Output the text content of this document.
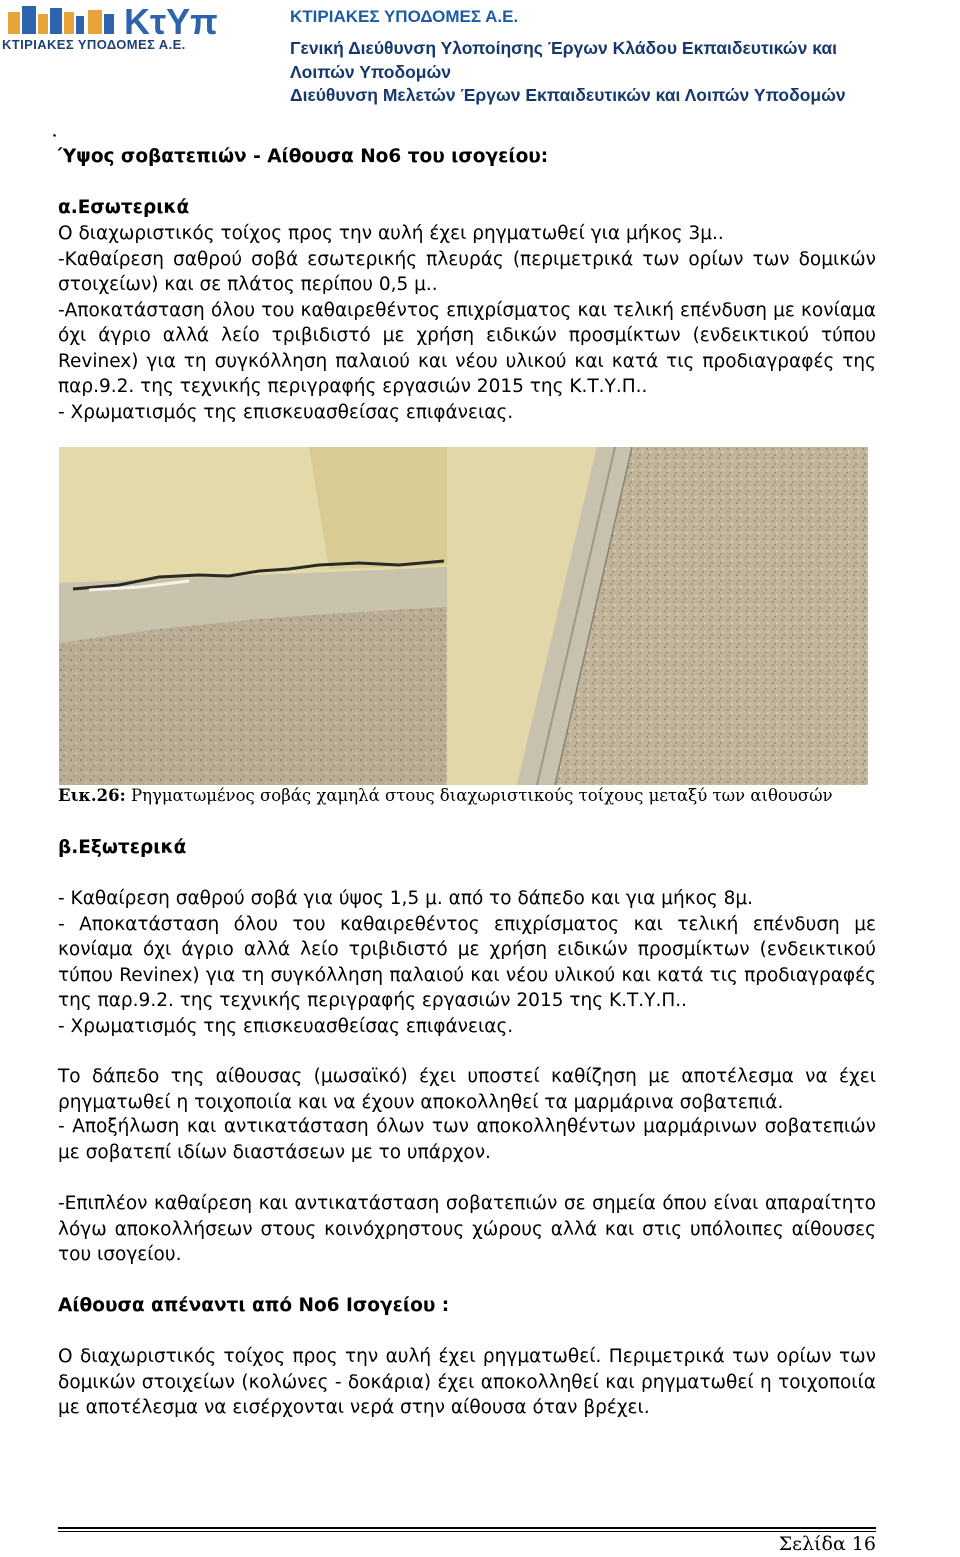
ΚτΥπ
ΚΤΙΡΙΑΚΕΣ ΥΠΟΔΟΜΕΣ Α.Ε.
ΚΤΙΡΙΑΚΕΣ ΥΠΟΔΟΜΕΣ Α.Ε.
Γενική Διεύθυνση Υλοποίησης Έργων Κλάδου Εκπαιδευτικών και
Λοιπών Υποδομών
Διεύθυνση Μελετών Έργων Εκπαιδευτικών και Λοιπών Υποδομών
˙
Ύψος σοβατεπιών - Αίθουσα Νο6 του ισογείου:
α.Εσωτερικά
Ο διαχωριστικός τοίχος προς την αυλή έχει ρηγματωθεί για μήκος 3μ..
-Καθαίρεση σαθρού σοβά εσωτερικής πλευράς (περιμετρικά των ορίων των δομικών στοιχείων) και σε πλάτος περίπου 0,5 μ..
-Αποκατάσταση όλου του καθαιρεθέντος επιχρίσματος και τελική επένδυση με κονίαμα όχι άγριο αλλά λείο τριβιδιστό με χρήση ειδικών προσμίκτων (ενδεικτικού τύπου Revinex) για τη συγκόλληση παλαιού και νέου υλικού και κατά τις προδιαγραφές της παρ.9.2. της τεχνικής περιγραφής εργασιών 2015 της Κ.Τ.Υ.Π..
- Χρωματισμός της επισκευασθείσας επιφάνειας.
Εικ.26: Ρηγματωμένος σοβάς χαμηλά στους διαχωριστικούς τοίχους μεταξύ των αιθουσών
β.Εξωτερικά
- Καθαίρεση σαθρού σοβά για ύψος 1,5 μ. από το δάπεδο και για μήκος 8μ.
- Αποκατάσταση όλου του καθαιρεθέντος επιχρίσματος και τελική επένδυση με κονίαμα όχι άγριο αλλά λείο τριβιδιστό με χρήση ειδικών προσμίκτων (ενδεικτικού τύπου Revinex) για τη συγκόλληση παλαιού και νέου υλικού και κατά τις προδιαγραφές της παρ.9.2. της τεχνικής περιγραφής εργασιών 2015 της Κ.Τ.Υ.Π..
- Χρωματισμός της επισκευασθείσας επιφάνειας.
Το δάπεδο της αίθουσας (μωσαϊκό) έχει υποστεί καθίζηση με αποτέλεσμα να έχει ρηγματωθεί η τοιχοποιία και να έχουν αποκολληθεί τα μαρμάρινα σοβατεπιά.
- Αποξήλωση και αντικατάσταση όλων των αποκολληθέντων μαρμάρινων σοβατεπιών με σοβατεπί ιδίων διαστάσεων με το υπάρχον.
-Επιπλέον καθαίρεση και αντικατάσταση σοβατεπιών σε σημεία όπου είναι απαραίτητο λόγω αποκολλήσεων στους κοινόχρηστους χώρους αλλά και στις υπόλοιπες αίθουσες του ισογείου.
Αίθουσα απέναντι από Νο6 Ισογείου :
Ο διαχωριστικός τοίχος προς την αυλή έχει ρηγματωθεί. Περιμετρικά των ορίων των δομικών στοιχείων (κολώνες - δοκάρια) έχει αποκολληθεί και ρηγματωθεί η τοιχοποιία με αποτέλεσμα να εισέρχονται νερά στην αίθουσα όταν βρέχει.
Σελίδα 16
